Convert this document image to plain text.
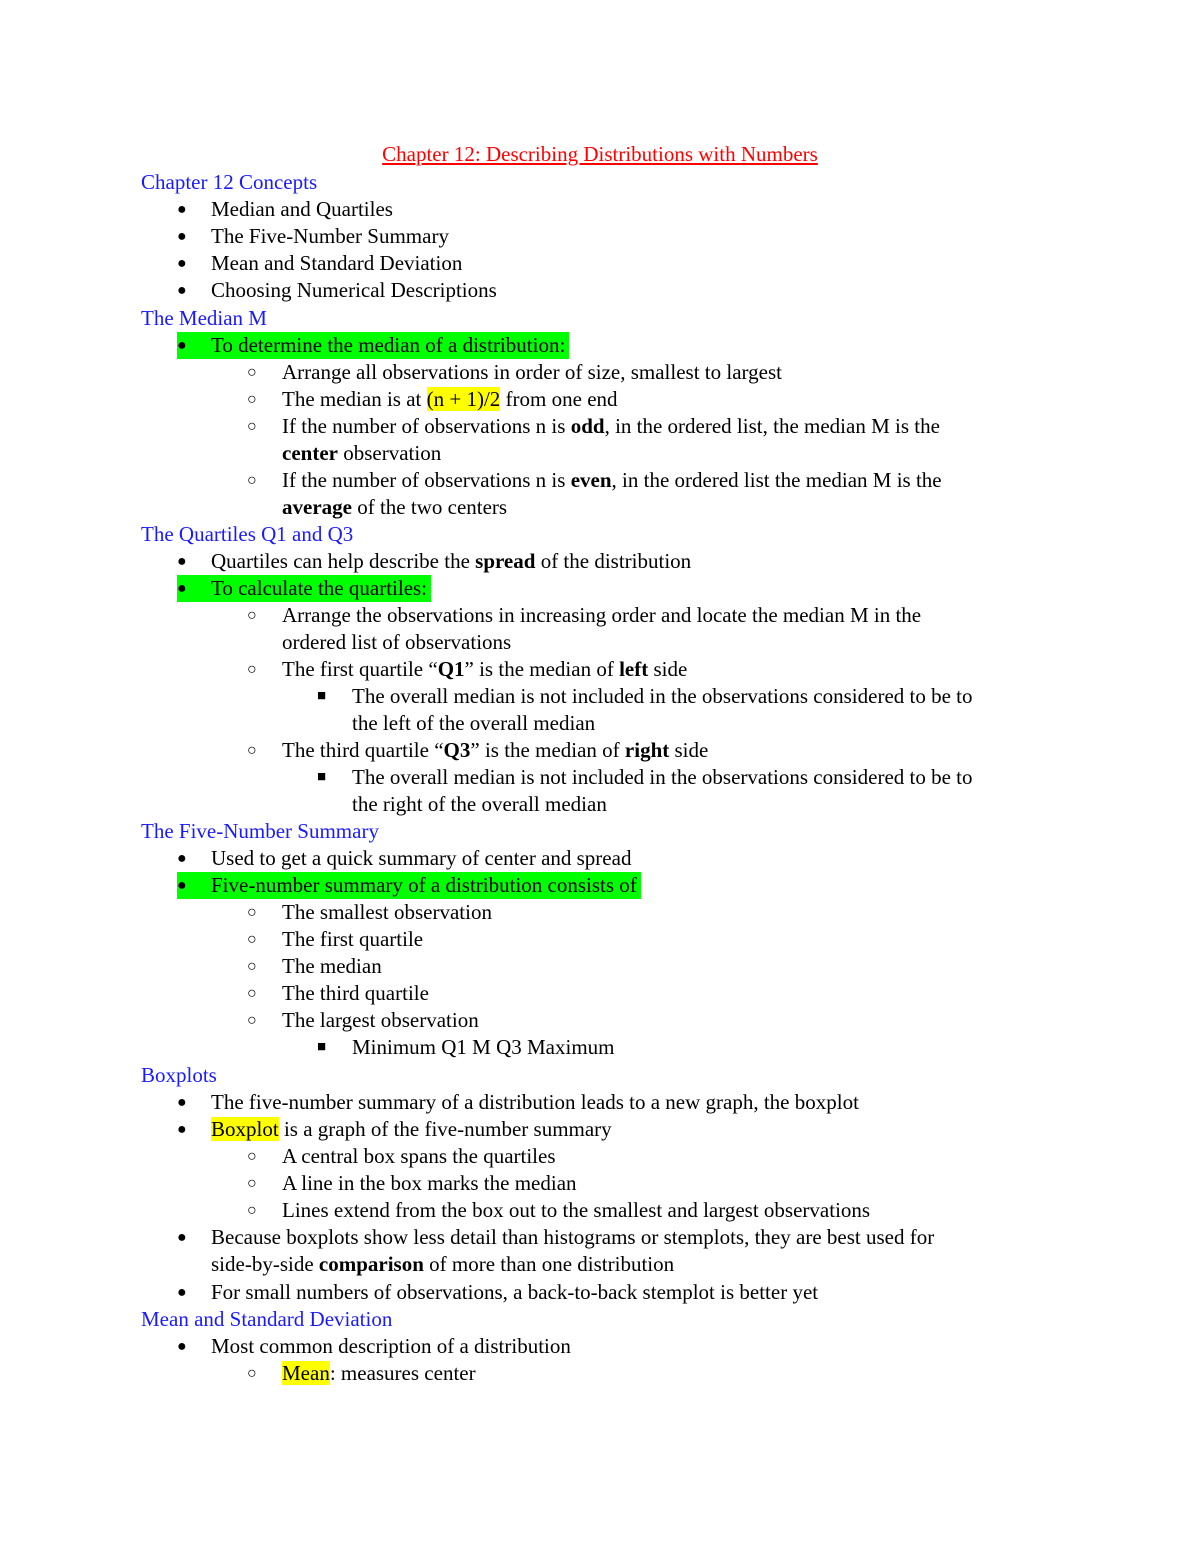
Chapter 12: Describing Distributions with Numbers
Chapter 12 Concepts
● Median and Quartiles
● The Five-Number Summary
● Mean and Standard Deviation
● Choosing Numerical Descriptions
The Median M
● To determine the median of a distribution:
○ Arrange all observations in order of size, smallest to largest
○ The median is at (n + 1)/2 from one end
○ If the number of observations n is odd, in the ordered list, the median M is the
center observation
○ If the number of observations n is even, in the ordered list the median M is the
average of the two centers
The Quartiles Q1 and Q3
● Quartiles can help describe the spread of the distribution
● To calculate the quartiles:
○ Arrange the observations in increasing order and locate the median M in the
ordered list of observations
○ The first quartile “Q1” is the median of left side
■ The overall median is not included in the observations considered to be to
the left of the overall median
○ The third quartile “Q3” is the median of right side
■ The overall median is not included in the observations considered to be to
the right of the overall median
The Five-Number Summary
● Used to get a quick summary of center and spread
● Five-number summary of a distribution consists of
○ The smallest observation
○ The first quartile
○ The median
○ The third quartile
○ The largest observation
■ Minimum Q1 M Q3 Maximum
Boxplots
● The five-number summary of a distribution leads to a new graph, the boxplot
● Boxplot is a graph of the five-number summary
○ A central box spans the quartiles
○ A line in the box marks the median
○ Lines extend from the box out to the smallest and largest observations
● Because boxplots show less detail than histograms or stemplots, they are best used for
side-by-side comparison of more than one distribution
● For small numbers of observations, a back-to-back stemplot is better yet
Mean and Standard Deviation
● Most common description of a distribution
○ Mean: measures center
